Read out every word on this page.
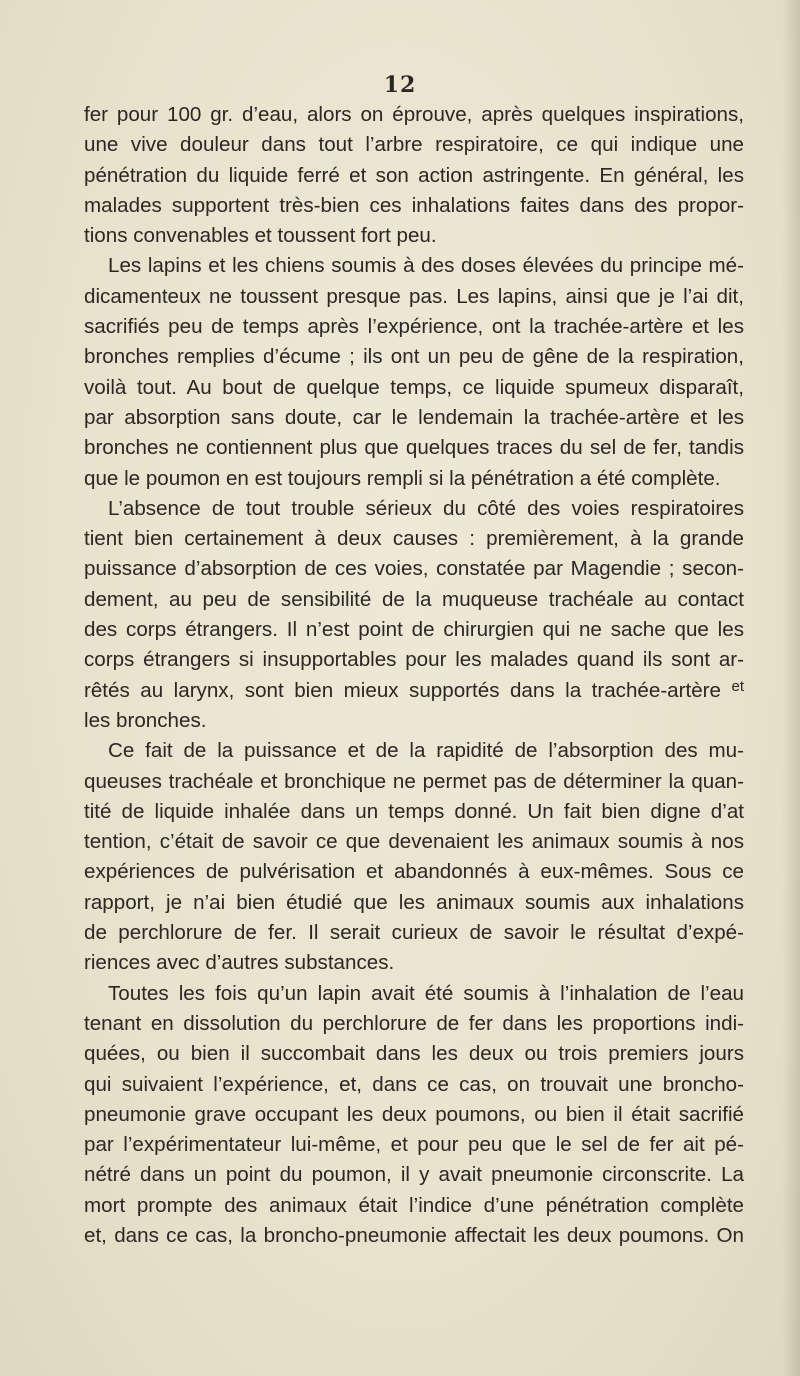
12
fer pour 100 gr. d’eau, alors on éprouve, après quelques inspirations,
une vive douleur dans tout l’arbre respiratoire, ce qui indique une
pénétration du liquide ferré et son action astringente. En général, les
malades supportent très-bien ces inhalations faites dans des propor-
tions convenables et toussent fort peu.
Les lapins et les chiens soumis à des doses élevées du principe mé-
dicamenteux ne toussent presque pas. Les lapins, ainsi que je l’ai dit,
sacrifiés peu de temps après l’expérience, ont la trachée-artère et les
bronches remplies d’écume ; ils ont un peu de gêne de la respiration,
voilà tout. Au bout de quelque temps, ce liquide spumeux disparaît,
par absorption sans doute, car le lendemain la trachée-artère et les
bronches ne contiennent plus que quelques traces du sel de fer, tandis
que le poumon en est toujours rempli si la pénétration a été complète.
L’absence de tout trouble sérieux du côté des voies respiratoires
tient bien certainement à deux causes : premièrement, à la grande
puissance d’absorption de ces voies, constatée par Magendie ; secon-
dement, au peu de sensibilité de la muqueuse trachéale au contact
des corps étrangers. Il n’est point de chirurgien qui ne sache que les
corps étrangers si insupportables pour les malades quand ils sont ar-
rêtés au larynx, sont bien mieux supportés dans la trachée-artère $^{et}$
les bronches.
Ce fait de la puissance et de la rapidité de l’absorption des mu-
queuses trachéale et bronchique ne permet pas de déterminer la quan-
tité de liquide inhalée dans un temps donné. Un fait bien digne d’at
tention, c’était de savoir ce que devenaient les animaux soumis à nos
expériences de pulvérisation et abandonnés à eux-mêmes. Sous ce
rapport, je n’ai bien étudié que les animaux soumis aux inhalations
de perchlorure de fer. Il serait curieux de savoir le résultat d’expé-
riences avec d’autres substances.
Toutes les fois qu’un lapin avait été soumis à l’inhalation de l’eau
tenant en dissolution du perchlorure de fer dans les proportions indi-
quées, ou bien il succombait dans les deux ou trois premiers jours
qui suivaient l’expérience, et, dans ce cas, on trouvait une broncho-
pneumonie grave occupant les deux poumons, ou bien il était sacrifié
par l’expérimentateur lui-même, et pour peu que le sel de fer ait pé-
nétré dans un point du poumon, il y avait pneumonie circonscrite. La
mort prompte des animaux était l’indice d’une pénétration complète
et, dans ce cas, la broncho-pneumonie affectait les deux poumons. On
